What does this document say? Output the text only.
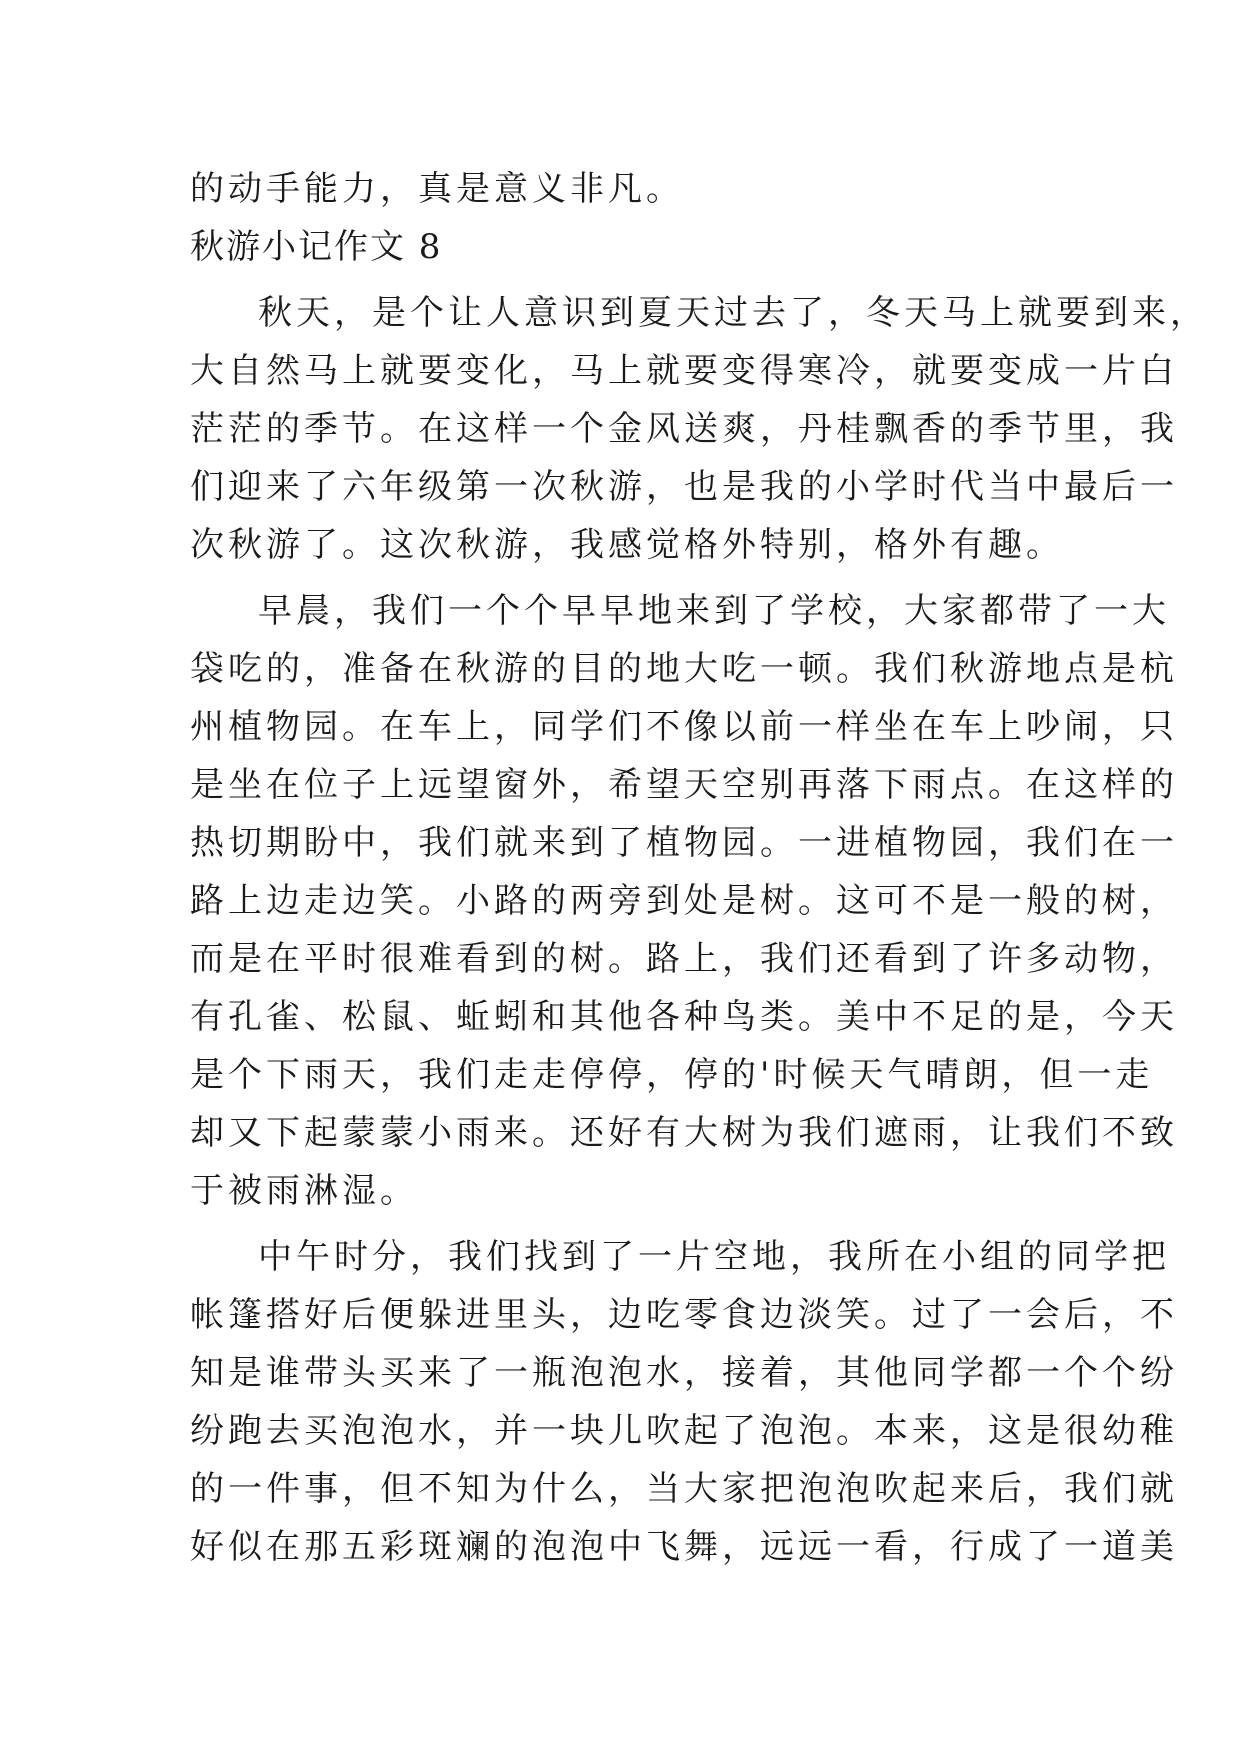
的动手能力，真是意义非凡。
秋游小记作文 8
秋天，是个让人意识到夏天过去了，冬天马上就要到来，
大自然马上就要变化，马上就要变得寒冷，就要变成一片白
茫茫的季节。在这样一个金风送爽，丹桂飘香的季节里，我
们迎来了六年级第一次秋游，也是我的小学时代当中最后一
次秋游了。这次秋游，我感觉格外特别，格外有趣。
早晨，我们一个个早早地来到了学校，大家都带了一大
袋吃的，准备在秋游的目的地大吃一顿。我们秋游地点是杭
州植物园。在车上，同学们不像以前一样坐在车上吵闹，只
是坐在位子上远望窗外，希望天空别再落下雨点。在这样的
热切期盼中，我们就来到了植物园。一进植物园，我们在一
路上边走边笑。小路的两旁到处是树。这可不是一般的树，
而是在平时很难看到的树。路上，我们还看到了许多动物，
有孔雀、松鼠、蚯蚓和其他各种鸟类。美中不足的是，今天
是个下雨天，我们走走停停，停的'时候天气晴朗，但一走
却又下起蒙蒙小雨来。还好有大树为我们遮雨，让我们不致
于被雨淋湿。
中午时分，我们找到了一片空地，我所在小组的同学把
帐篷搭好后便躲进里头，边吃零食边淡笑。过了一会后，不
知是谁带头买来了一瓶泡泡水，接着，其他同学都一个个纷
纷跑去买泡泡水，并一块儿吹起了泡泡。本来，这是很幼稚
的一件事，但不知为什么，当大家把泡泡吹起来后，我们就
好似在那五彩斑斓的泡泡中飞舞，远远一看，行成了一道美
